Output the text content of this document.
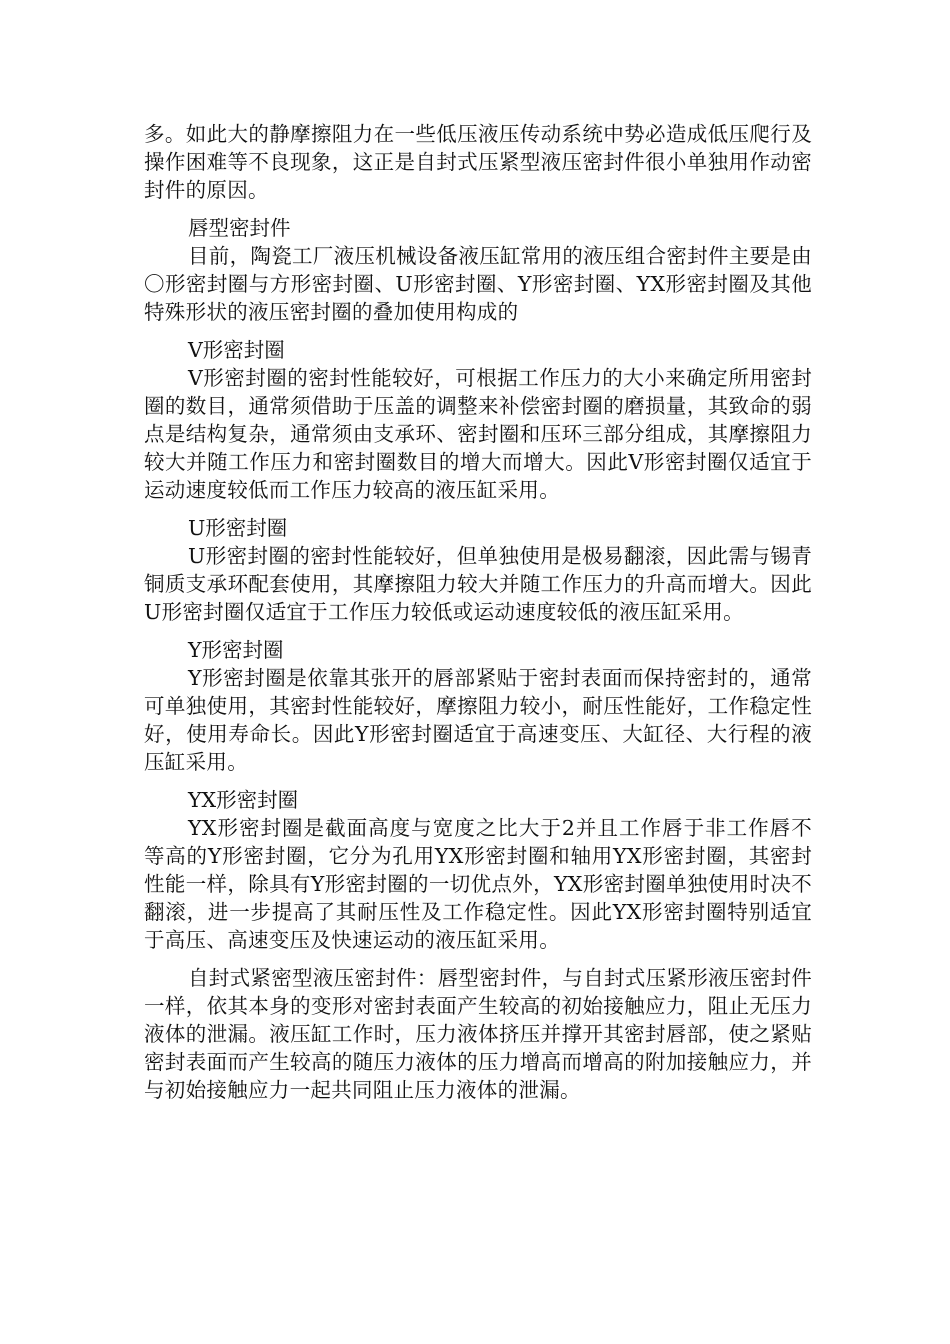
多。如此大的静摩擦阻力在一些低压液压传动系统中势必造成低压爬行及操作困难等不良现象，这正是自封式压紧型液压密封件很小单独用作动密封件的原因。

唇型密封件

目前，陶瓷工厂液压机械设备液压缸常用的液压组合密封件主要是由〇形密封圈与方形密封圈、U形密封圈、Y形密封圈、YX形密封圈及其他特殊形状的液压密封圈的叠加使用构成的

V形密封圈

V形密封圈的密封性能较好，可根据工作压力的大小来确定所用密封圈的数目，通常须借助于压盖的调整来补偿密封圈的磨损量，其致命的弱点是结构复杂，通常须由支承环、密封圈和压环三部分组成，其摩擦阻力较大并随工作压力和密封圈数目的增大而增大。因此V形密封圈仅适宜于运动速度较低而工作压力较高的液压缸采用。

U形密封圈

U形密封圈的密封性能较好，但单独使用是极易翻滚，因此需与锡青铜质支承环配套使用，其摩擦阻力较大并随工作压力的升高而增大。因此U形密封圈仅适宜于工作压力较低或运动速度较低的液压缸采用。

Y形密封圈

Y形密封圈是依靠其张开的唇部紧贴于密封表面而保持密封的，通常可单独使用，其密封性能较好，摩擦阻力较小，耐压性能好，工作稳定性好，使用寿命长。因此Y形密封圈适宜于高速变压、大缸径、大行程的液压缸采用。

YX形密封圈

YX形密封圈是截面高度与宽度之比大于2并且工作唇于非工作唇不等高的Y形密封圈，它分为孔用YX形密封圈和轴用YX形密封圈，其密封性能一样，除具有Y形密封圈的一切优点外，YX形密封圈单独使用时决不翻滚，进一步提高了其耐压性及工作稳定性。因此YX形密封圈特别适宜于高压、高速变压及快速运动的液压缸采用。

自封式紧密型液压密封件：唇型密封件，与自封式压紧形液压密封件一样，依其本身的变形对密封表面产生较高的初始接触应力，阻止无压力液体的泄漏。液压缸工作时，压力液体挤压并撑开其密封唇部，使之紧贴密封表面而产生较高的随压力液体的压力增高而增高的附加接触应力，并与初始接触应力一起共同阻止压力液体的泄漏。
